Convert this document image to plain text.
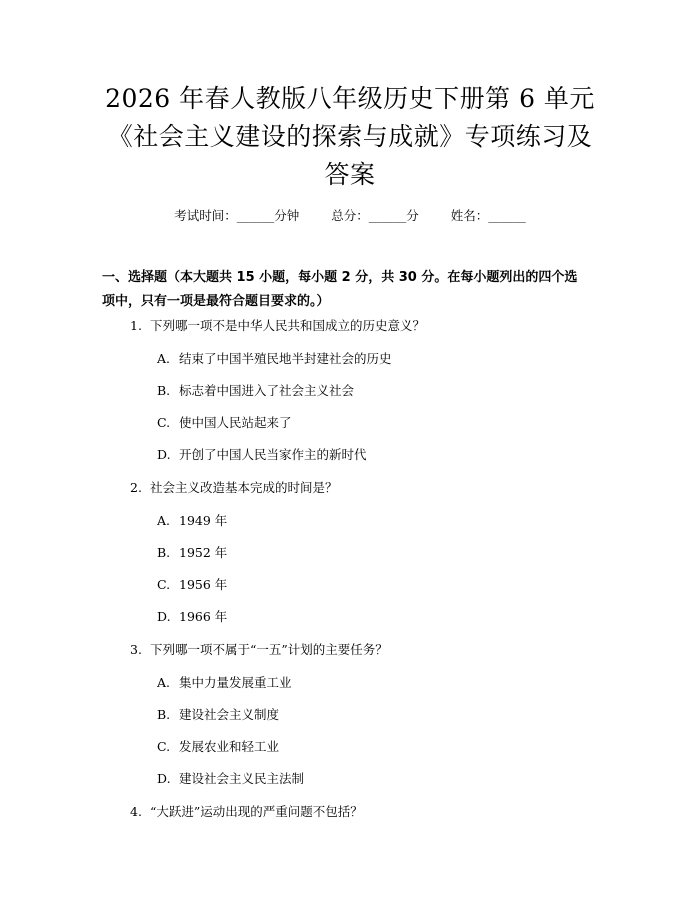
2026 年春人教版八年级历史下册第 6 单元
《社会主义建设的探索与成就》专项练习及
答案
考试时间：______分钟	总分：______分	姓名：______
一、选择题（本大题共 15 小题，每小题 2 分，共 30 分。在每小题列出的四个选
项中，只有一项是最符合题目要求的。）
1. 下列哪一项不是中华人民共和国成立的历史意义？
A. 结束了中国半殖民地半封建社会的历史
B. 标志着中国进入了社会主义社会
C. 使中国人民站起来了
D. 开创了中国人民当家作主的新时代
2. 社会主义改造基本完成的时间是？
A. 1949 年
B. 1952 年
C. 1956 年
D. 1966 年
3. 下列哪一项不属于“一五”计划的主要任务？
A. 集中力量发展重工业
B. 建设社会主义制度
C. 发展农业和轻工业
D. 建设社会主义民主法制
4. “大跃进”运动出现的严重问题不包括？
